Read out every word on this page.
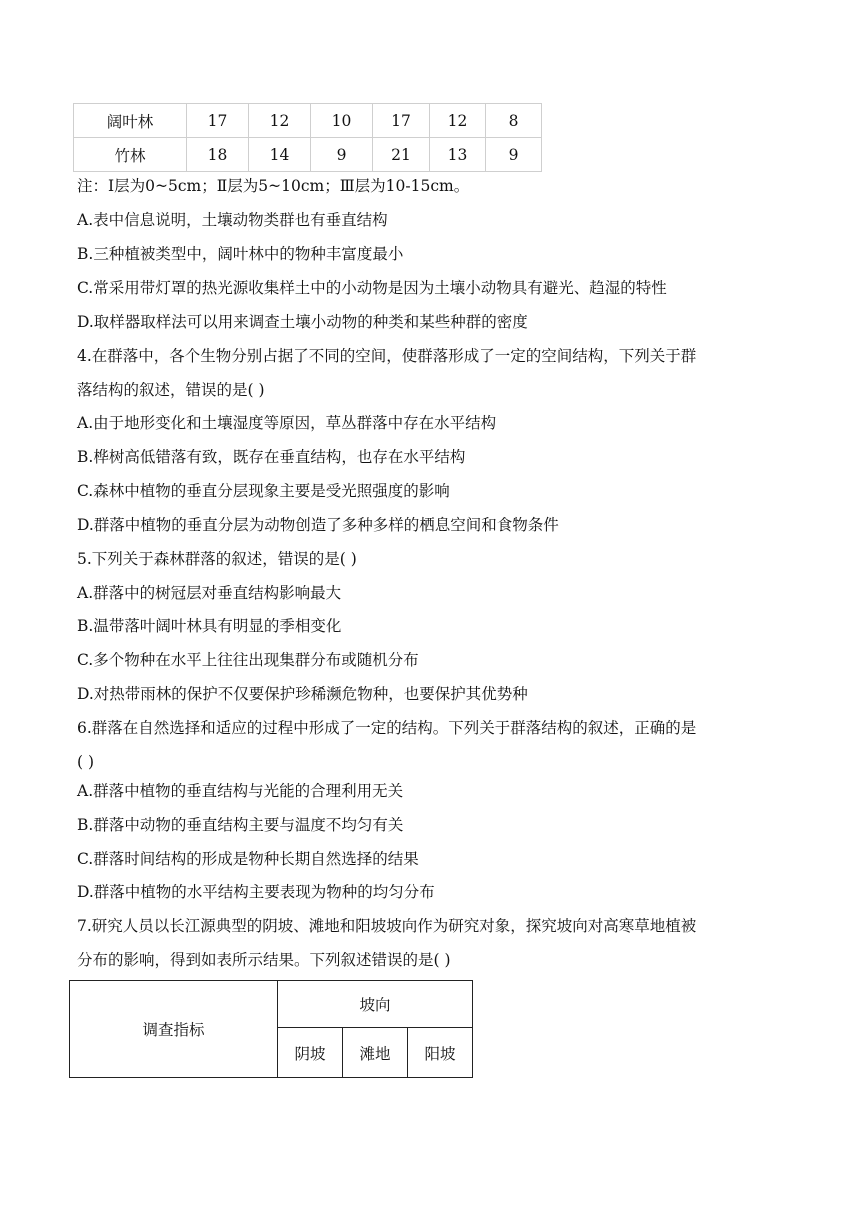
阔叶林	17	12	10	17	12	8
竹林	18	14	9	21	13	9
注：Ⅰ层为0~5cm；Ⅱ层为5~10cm；Ⅲ层为10-15cm。
A.表中信息说明，土壤动物类群也有垂直结构
B.三种植被类型中，阔叶林中的物种丰富度最小
C.常采用带灯罩的热光源收集样土中的小动物是因为土壤小动物具有避光、趋湿的特性
D.取样器取样法可以用来调查土壤小动物的种类和某些种群的密度
4.在群落中，各个生物分别占据了不同的空间，使群落形成了一定的空间结构，下列关于群
落结构的叙述，错误的是( )
A.由于地形变化和土壤湿度等原因，草丛群落中存在水平结构
B.桦树高低错落有致，既存在垂直结构，也存在水平结构
C.森林中植物的垂直分层现象主要是受光照强度的影响
D.群落中植物的垂直分层为动物创造了多种多样的栖息空间和食物条件
5.下列关于森林群落的叙述，错误的是( )
A.群落中的树冠层对垂直结构影响最大
B.温带落叶阔叶林具有明显的季相变化
C.多个物种在水平上往往出现集群分布或随机分布
D.对热带雨林的保护不仅要保护珍稀濒危物种，也要保护其优势种
6.群落在自然选择和适应的过程中形成了一定的结构。下列关于群落结构的叙述，正确的是
( )
A.群落中植物的垂直结构与光能的合理利用无关
B.群落中动物的垂直结构主要与温度不均匀有关
C.群落时间结构的形成是物种长期自然选择的结果
D.群落中植物的水平结构主要表现为物种的均匀分布
7.研究人员以长江源典型的阴坡、滩地和阳坡坡向作为研究对象，探究坡向对高寒草地植被
分布的影响，得到如表所示结果。下列叙述错误的是( )
调查指标	坡向		
	阴坡	滩地	阳坡
